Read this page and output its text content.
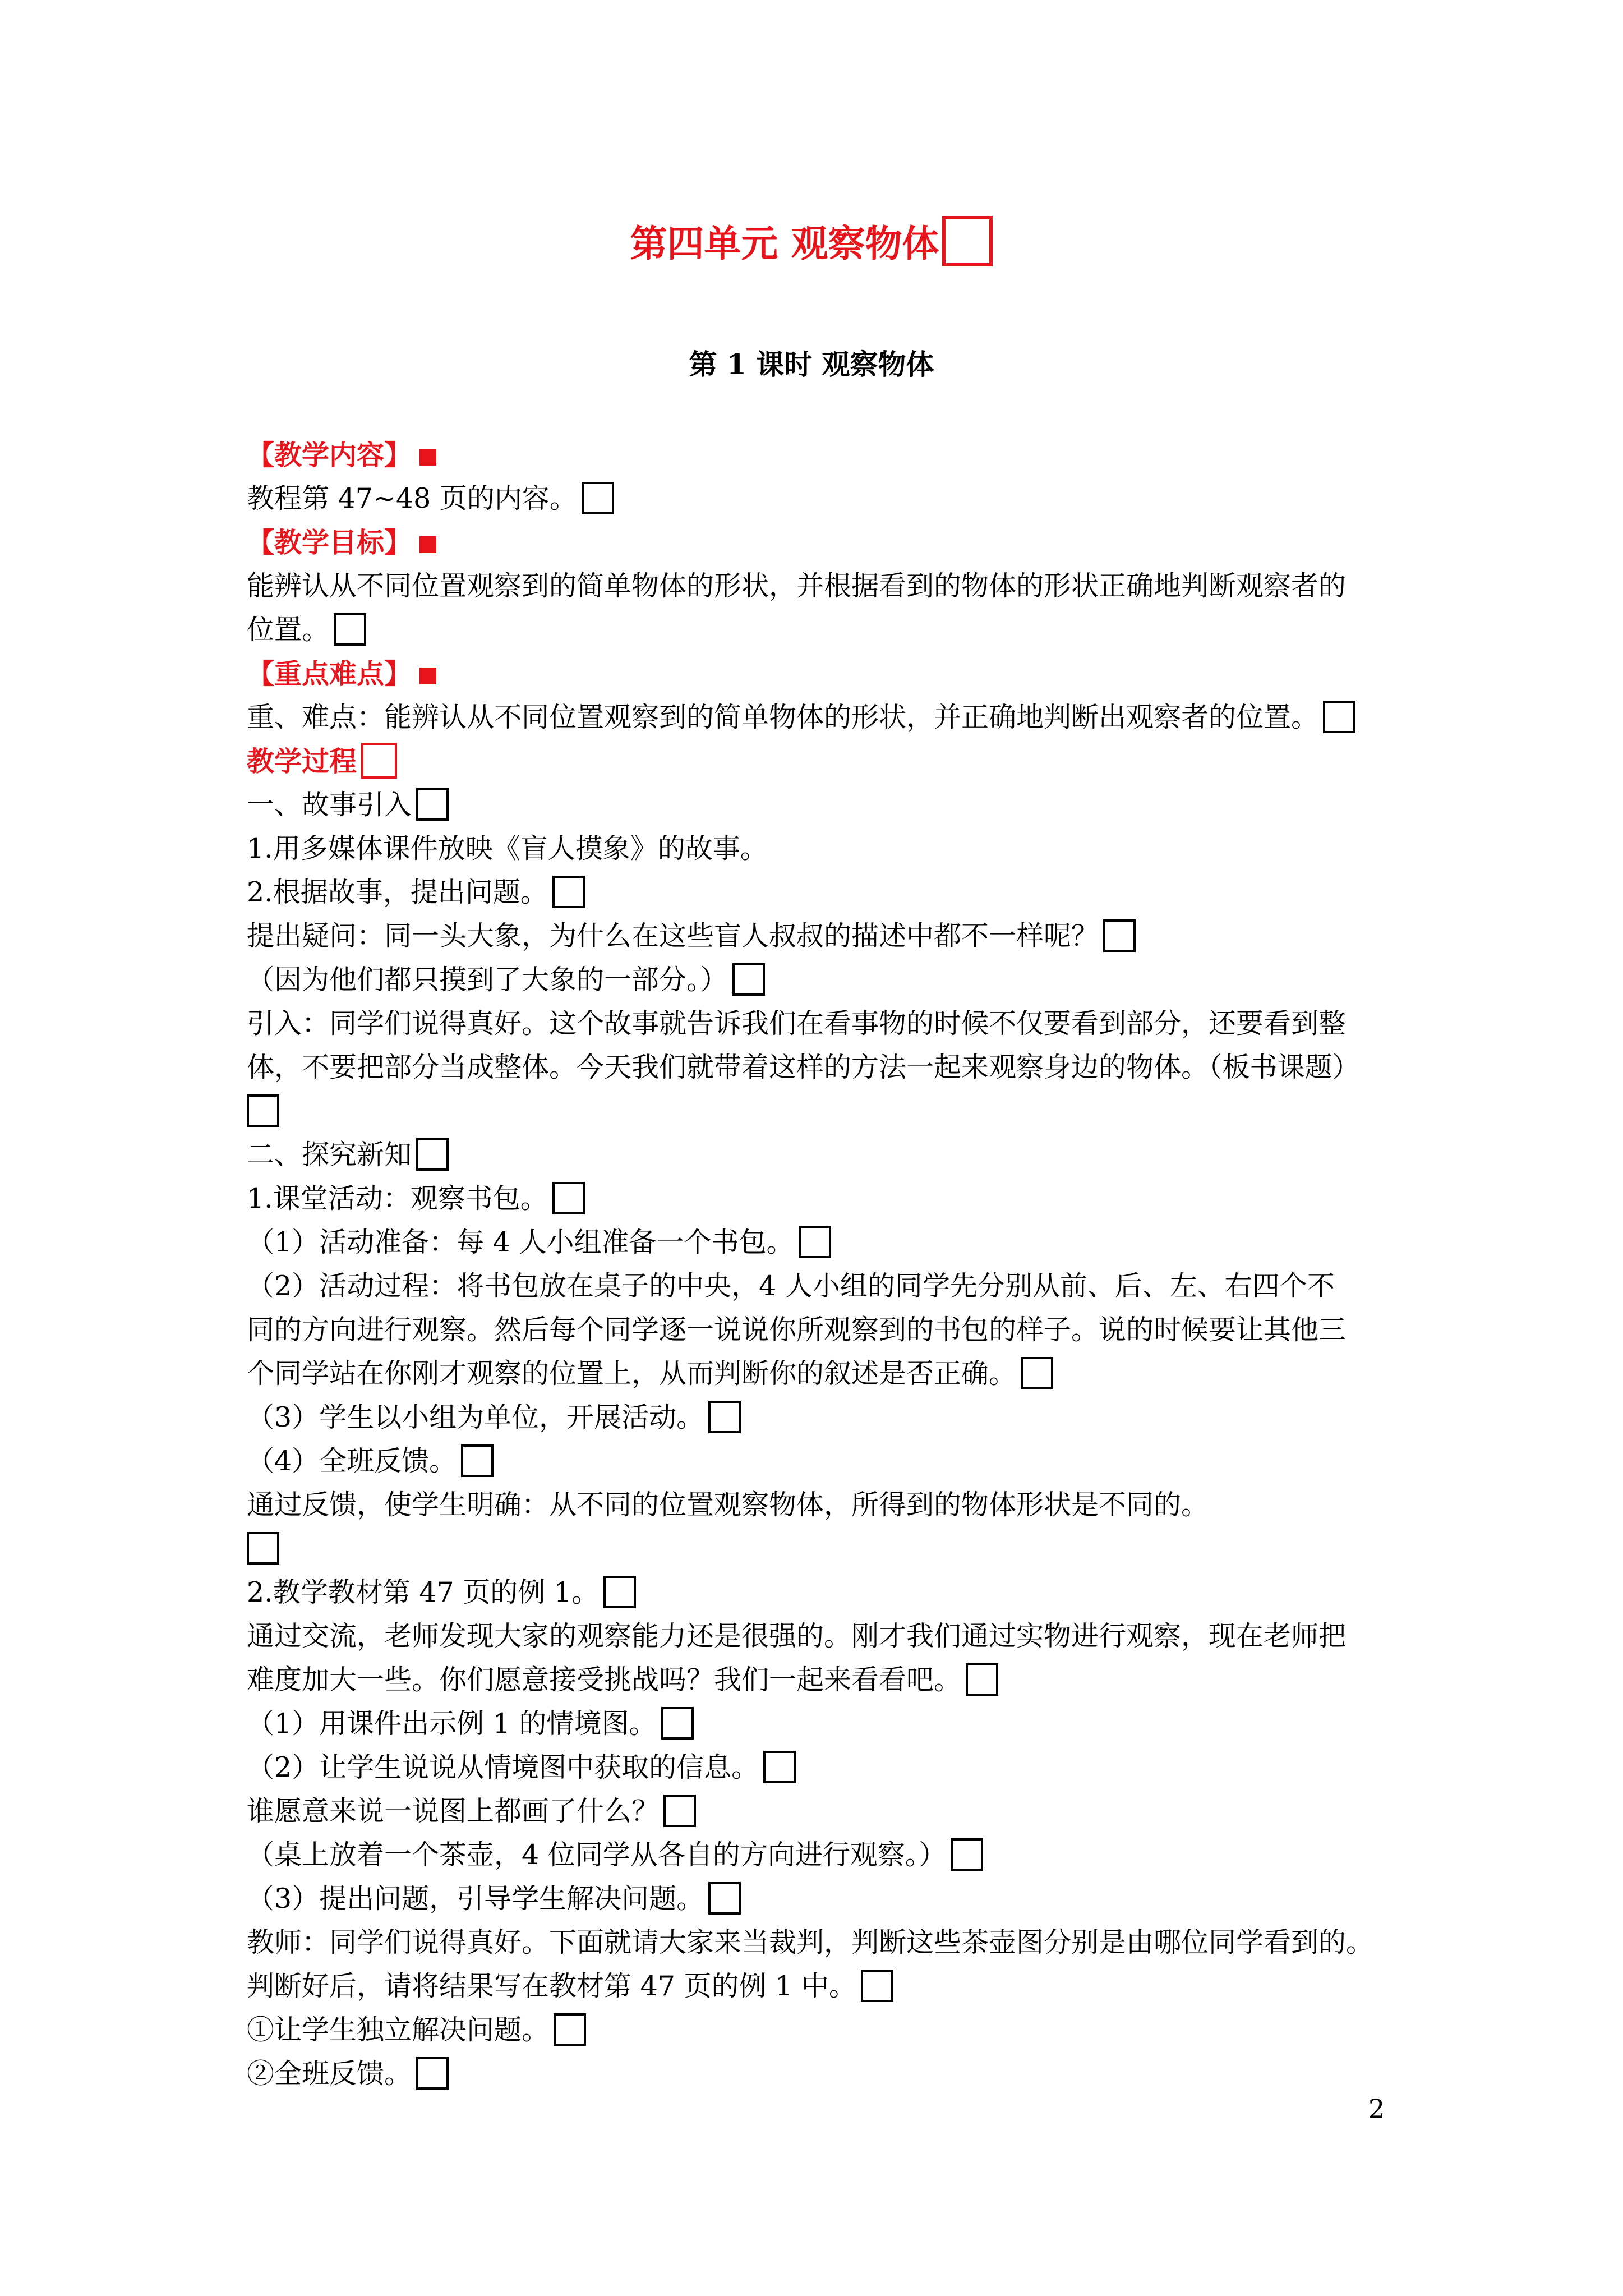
第四单元 观察物体
第 1 课时 观察物体
【教学内容】
教程第 47~48 页的内容。
【教学目标】
能辨认从不同位置观察到的简单物体的形状，并根据看到的物体的形状正确地判断观察者的
位置。
【重点难点】
重、难点：能辨认从不同位置观察到的简单物体的形状，并正确地判断出观察者的位置。
教学过程
一、故事引入
1.用多媒体课件放映《盲人摸象》的故事。
2.根据故事，提出问题。
提出疑问：同一头大象，为什么在这些盲人叔叔的描述中都不一样呢？
（因为他们都只摸到了大象的一部分。）
引入：同学们说得真好。这个故事就告诉我们在看事物的时候不仅要看到部分，还要看到整
体，不要把部分当成整体。今天我们就带着这样的方法一起来观察身边的物体。（板书课题）
二、探究新知
1.课堂活动：观察书包。
（1）活动准备：每 4 人小组准备一个书包。
（2）活动过程：将书包放在桌子的中央，4 人小组的同学先分别从前、后、左、右四个不
同的方向进行观察。然后每个同学逐一说说你所观察到的书包的样子。说的时候要让其他三
个同学站在你刚才观察的位置上，从而判断你的叙述是否正确。
（3）学生以小组为单位，开展活动。
（4）全班反馈。
通过反馈，使学生明确：从不同的位置观察物体，所得到的物体形状是不同的。
2.教学教材第 47 页的例 1。
通过交流，老师发现大家的观察能力还是很强的。刚才我们通过实物进行观察，现在老师把
难度加大一些。你们愿意接受挑战吗？我们一起来看看吧。
（1）用课件出示例 1 的情境图。
（2）让学生说说从情境图中获取的信息。
谁愿意来说一说图上都画了什么？
（桌上放着一个茶壶，4 位同学从各自的方向进行观察。）
（3）提出问题，引导学生解决问题。
教师：同学们说得真好。下面就请大家来当裁判，判断这些茶壶图分别是由哪位同学看到的。
判断好后，请将结果写在教材第 47 页的例 1 中。
①让学生独立解决问题。
②全班反馈。
2
